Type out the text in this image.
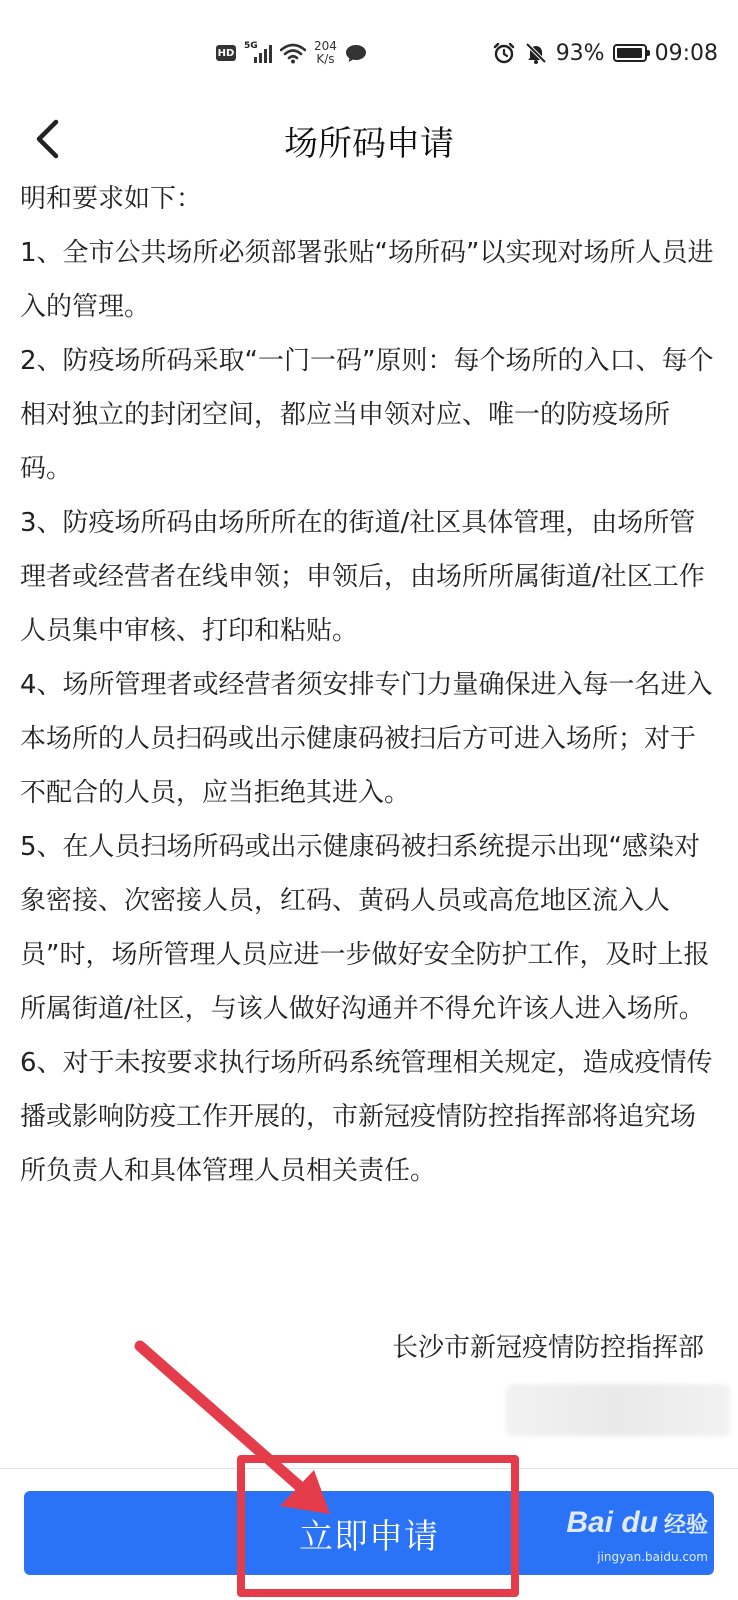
HD
5G	204
K/s	93% 09:08
场所码申请

明和要求如下：

1、全市公共场所必须部署张贴“场所码”以实现对场所人员进入的管理。

2、防疫场所码采取“一门一码”原则：每个场所的入口、每个相对独立的封闭空间，都应当申领对应、唯一的防疫场所码。

3、防疫场所码由场所所在的街道/社区具体管理，由场所管理者或经营者在线申领；申领后，由场所所属街道/社区工作人员集中审核、打印和粘贴。

4、场所管理者或经营者须安排专门力量确保进入每一名进入本场所的人员扫码或出示健康码被扫后方可进入场所；对于不配合的人员，应当拒绝其进入。

5、在人员扫场所码或出示健康码被扫系统提示出现“感染对象密接、次密接人员，红码、黄码人员或高危地区流入人员”时，场所管理人员应进一步做好安全防护工作，及时上报所属街道/社区，与该人做好沟通并不得允许该人进入场所。

6、对于未按要求执行场所码系统管理相关规定，造成疫情传播或影响防疫工作开展的，市新冠疫情防控指挥部将追究场所负责人和具体管理人员相关责任。

长沙市新冠疫情防控指挥部
立即申请	Bai du 经验
jingyan.baidu.com
